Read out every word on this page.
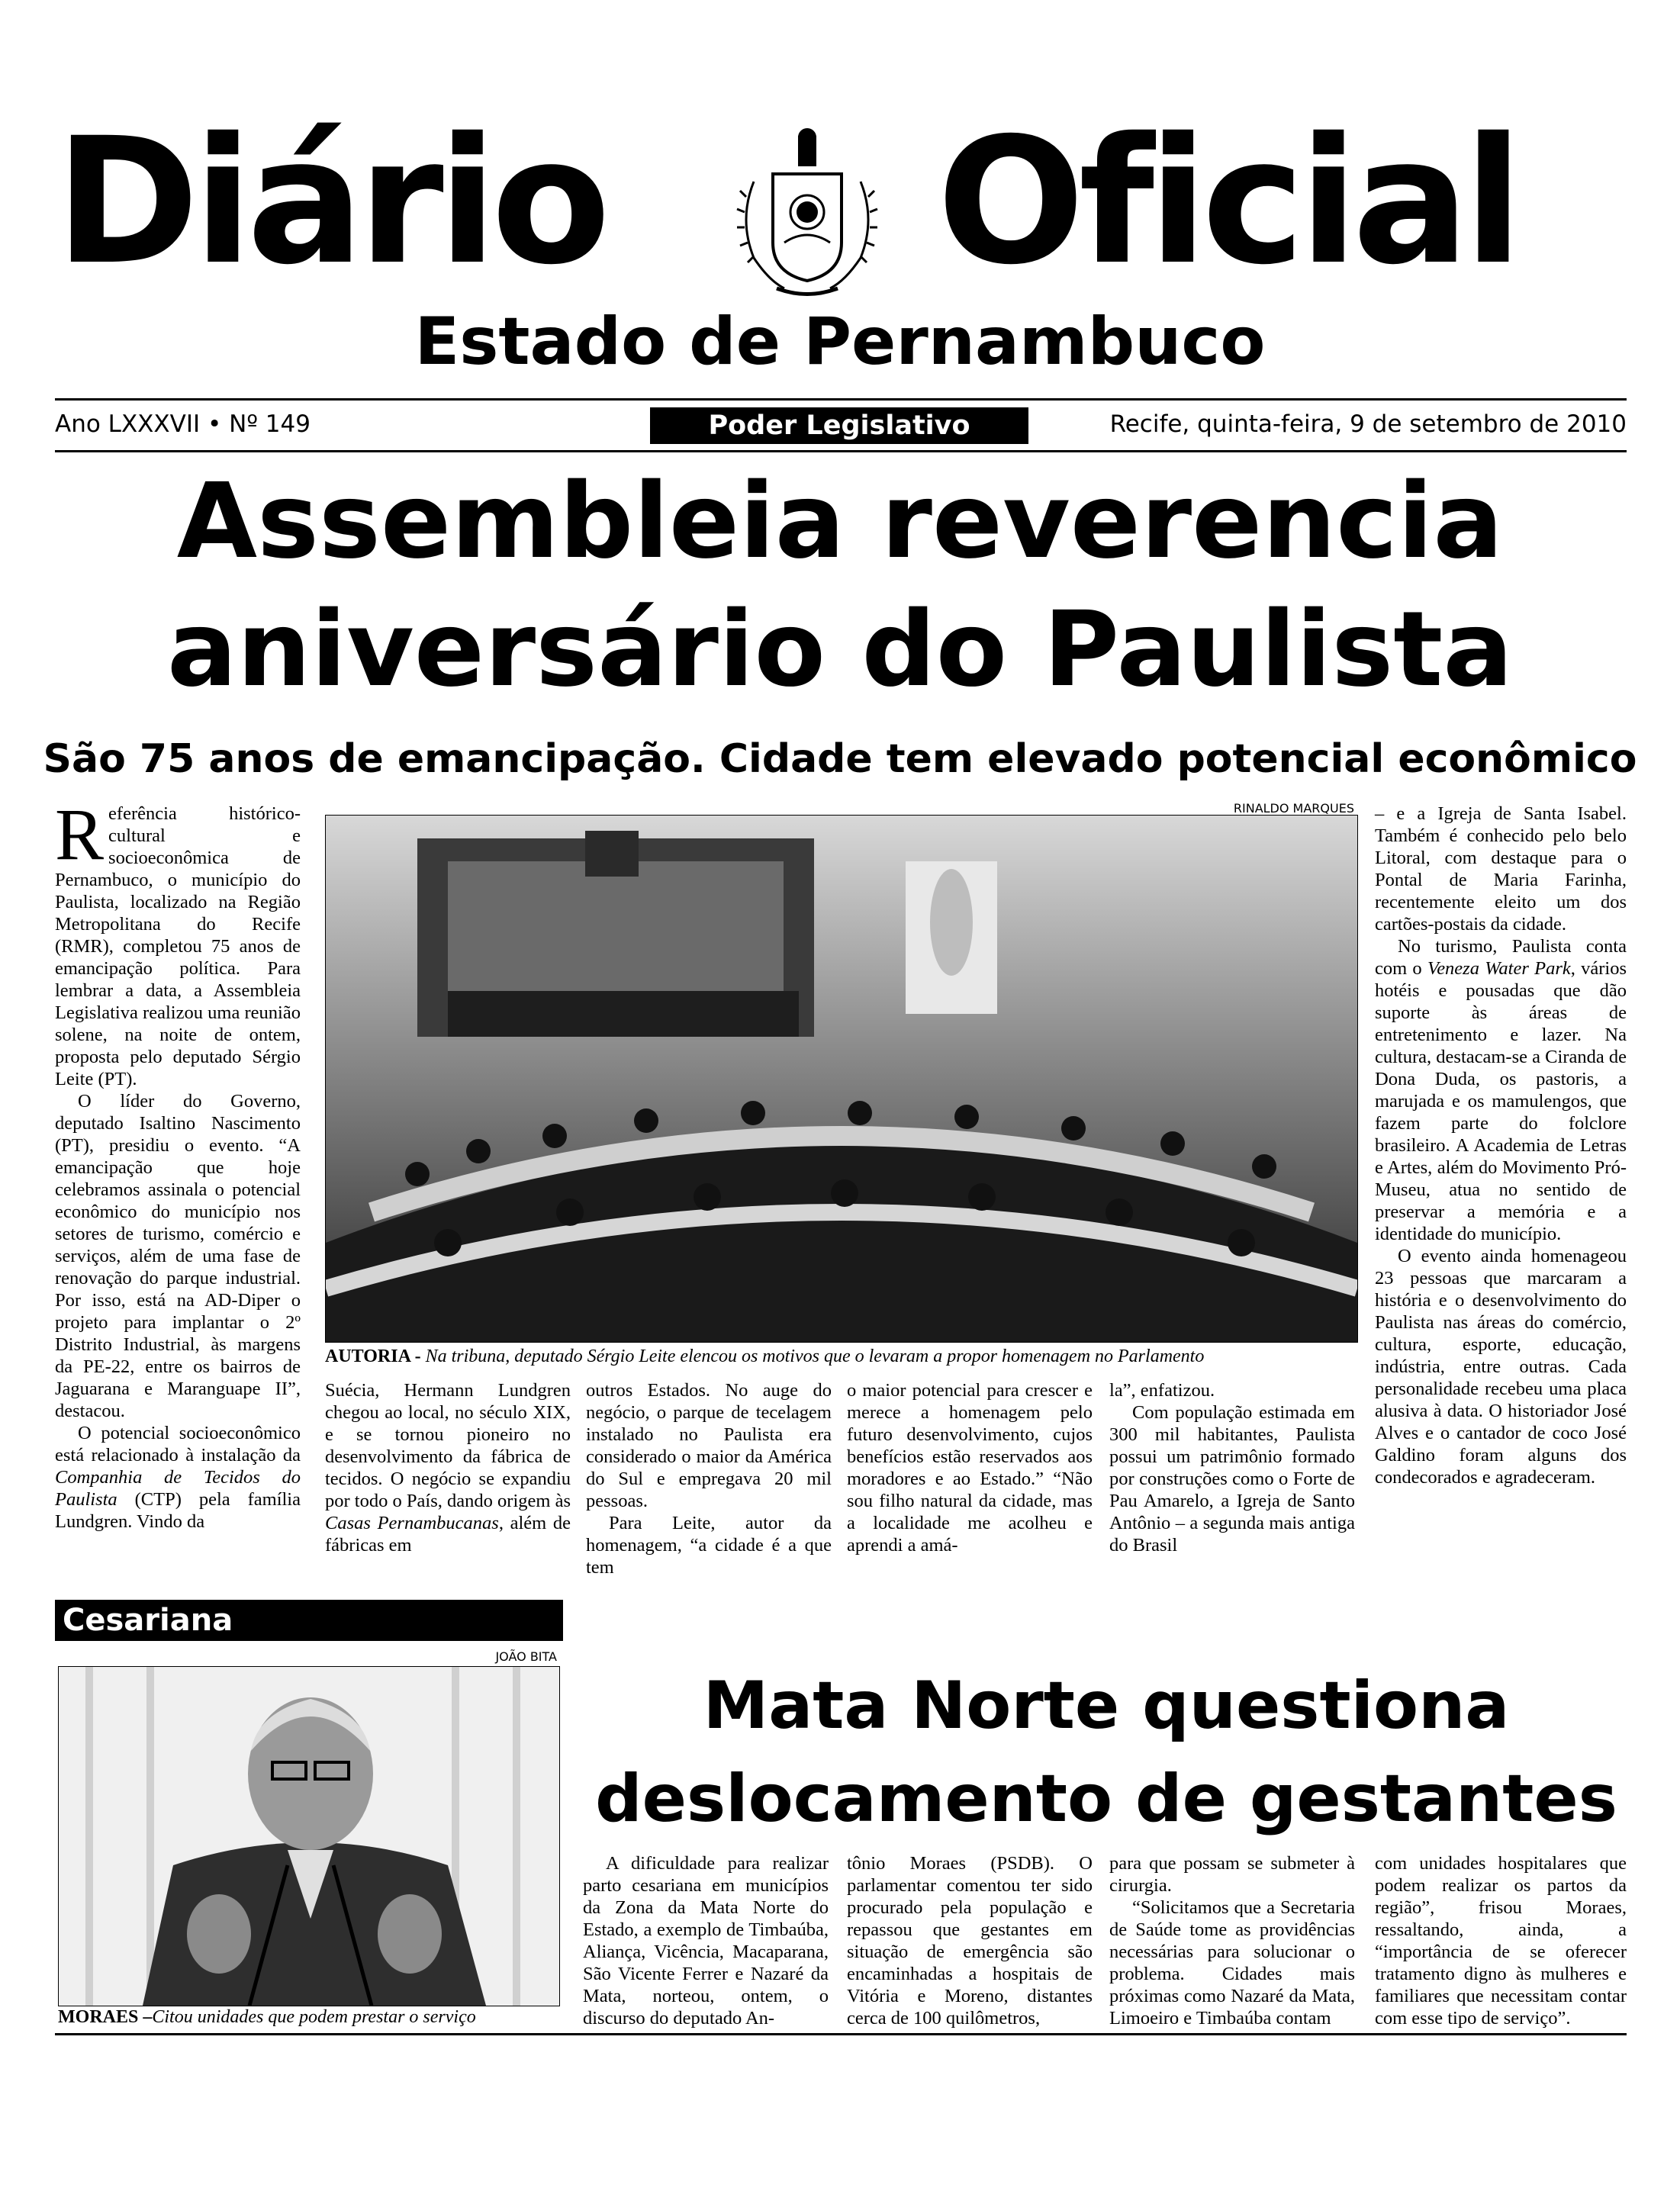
Diário Oficial
Estado de Pernambuco
Ano LXXXVII • Nº 149	Poder Legislativo	Recife, quinta-feira, 9 de setembro de 2010
Assembleia reverencia
aniversário do Paulista
São 75 anos de emancipação. Cidade tem elevado potencial econômico

Referência histórico-cultural e socioeconômica de Pernambuco, o município do Paulista, localizado na Região Metropolitana do Recife (RMR), completou 75 anos de emancipação política. Para lembrar a data, a Assembleia Legislativa realizou uma reunião solene, na noite de ontem, proposta pelo deputado Sérgio Leite (PT).

O líder do Governo, deputado Isaltino Nascimento (PT), presidiu o evento. “A emancipação que hoje celebramos assinala o potencial econômico do município nos setores de turismo, comércio e serviços, além de uma fase de renovação do parque industrial. Por isso, está na AD-Diper o projeto para implantar o 2º Distrito Industrial, às margens da PE-22, entre os bairros de Jaguarana e Maranguape II”, destacou.

O potencial socioeconômico está relacionado à instalação da Companhia de Tecidos do Paulista (CTP) pela família Lundgren. Vindo da

RINALDO MARQUES
AUTORIA - Na tribuna, deputado Sérgio Leite elencou os motivos que o levaram a propor homenagem no Parlamento

Suécia, Hermann Lundgren chegou ao local, no século XIX, e se tornou pioneiro no desenvolvimento da fábrica de tecidos. O negócio se expandiu por todo o País, dando origem às Casas Pernambucanas, além de fábricas em

outros Estados. No auge do negócio, o parque de tecelagem instalado no Paulista era considerado o maior da América do Sul e empregava 20 mil pessoas.

Para Leite, autor da homenagem, “a cidade é a que tem

o maior potencial para crescer e merece a homenagem pelo futuro desenvolvimento, cujos benefícios estão reservados aos moradores e ao Estado.” “Não sou filho natural da cidade, mas a localidade me acolheu e aprendi a amá-

la”, enfatizou.

Com população estimada em 300 mil habitantes, Paulista possui um patrimônio formado por construções como o Forte de Pau Amarelo, a Igreja de Santo Antônio – a segunda mais antiga do Brasil

– e a Igreja de Santa Isabel. Também é conhecido pelo belo Litoral, com destaque para o Pontal de Maria Farinha, recentemente eleito um dos cartões-postais da cidade.

No turismo, Paulista conta com o Veneza Water Park, vários hotéis e pousadas que dão suporte às áreas de entretenimento e lazer. Na cultura, destacam-se a Ciranda de Dona Duda, os pastoris, a marujada e os mamulengos, que fazem parte do folclore brasileiro. A Academia de Letras e Artes, além do Movimento Pró-Museu, atua no sentido de preservar a memória e a identidade do município.

O evento ainda homenageou 23 pessoas que marcaram a história e o desenvolvimento do Paulista nas áreas do comércio, cultura, esporte, educação, indústria, entre outras. Cada personalidade recebeu uma placa alusiva à data. O historiador José Alves e o cantador de coco José Galdino foram alguns dos condecorados e agradeceram.

Cesariana
JOÃO BITA
MORAES –Citou unidades que podem prestar o serviço
Mata Norte questiona
deslocamento de gestantes

A dificuldade para realizar parto cesariana em municípios da Zona da Mata Norte do Estado, a exemplo de Timbaúba, Aliança, Vicência, Macaparana, São Vicente Ferrer e Nazaré da Mata, norteou, ontem, o discurso do deputado An-

tônio Moraes (PSDB). O parlamentar comentou ter sido procurado pela população e repassou que gestantes em situação de emergência são encaminhadas a hospitais de Vitória e Moreno, distantes cerca de 100 quilômetros,

para que possam se submeter à cirurgia.

“Solicitamos que a Secretaria de Saúde tome as providências necessárias para solucionar o problema. Cidades mais próximas como Nazaré da Mata, Limoeiro e Timbaúba contam

com unidades hospitalares que podem realizar os partos da região”, frisou Moraes, ressaltando, ainda, a “importância de se oferecer tratamento digno às mulheres e familiares que necessitam contar com esse tipo de serviço”.
